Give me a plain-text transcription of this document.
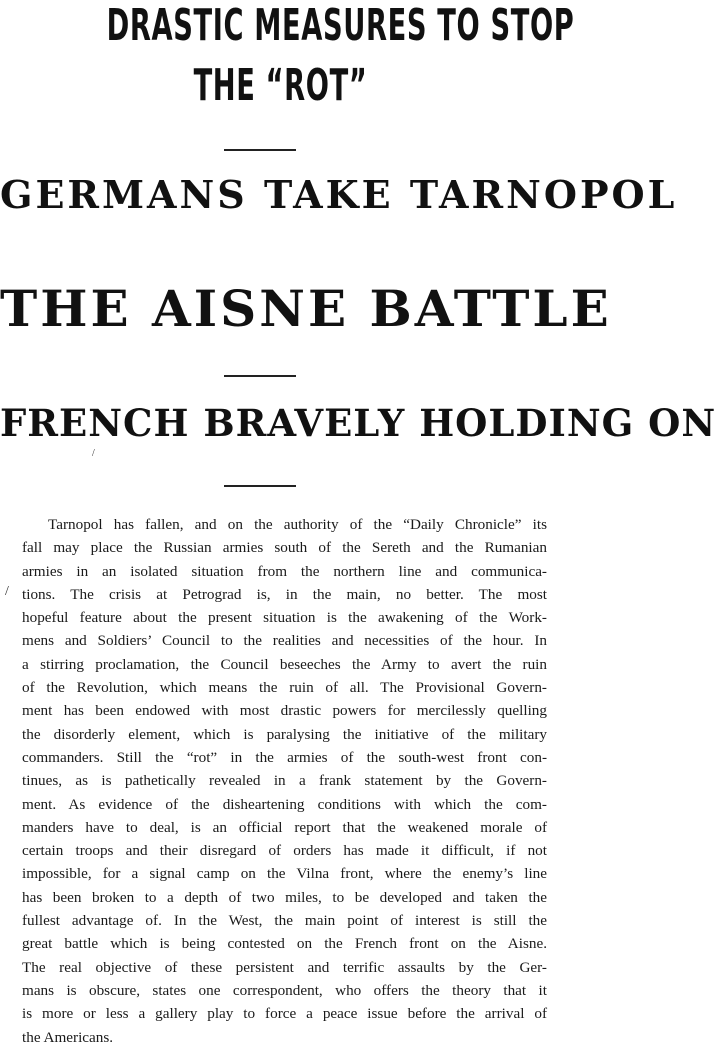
DRASTIC MEASURES TO STOP
THE “ROT”
GERMANS TAKE TARNOPOL
THE AISNE BATTLE
FRENCH BRAVELY HOLDING ON
Tarnopol has fallen, and on the authority of the “Daily Chronicle” its
fall may place the Russian armies south of the Sereth and the Rumanian
armies in an isolated situation from the northern line and communica-
tions. The crisis at Petrograd is, in the main, no better. The most
hopeful feature about the present situation is the awakening of the Work-
mens and Soldiers’ Council to the realities and necessities of the hour. In
a stirring proclamation, the Council beseeches the Army to avert the ruin
of the Revolution, which means the ruin of all. The Provisional Govern-
ment has been endowed with most drastic powers for mercilessly quelling
the disorderly element, which is paralysing the initiative of the military
commanders. Still the “rot” in the armies of the south-west front con-
tinues, as is pathetically revealed in a frank statement by the Govern-
ment. As evidence of the disheartening conditions with which the com-
manders have to deal, is an official report that the weakened morale of
certain troops and their disregard of orders has made it difficult, if not
impossible, for a signal camp on the Vilna front, where the enemy’s line
has been broken to a depth of two miles, to be developed and taken the
fullest advantage of. In the West, the main point of interest is still the
great battle which is being contested on the French front on the Aisne.
The real objective of these persistent and terrific assaults by the Ger-
mans is obscure, states one correspondent, who offers the theory that it
is more or less a gallery play to force a peace issue before the arrival of
the Americans.
/
/
